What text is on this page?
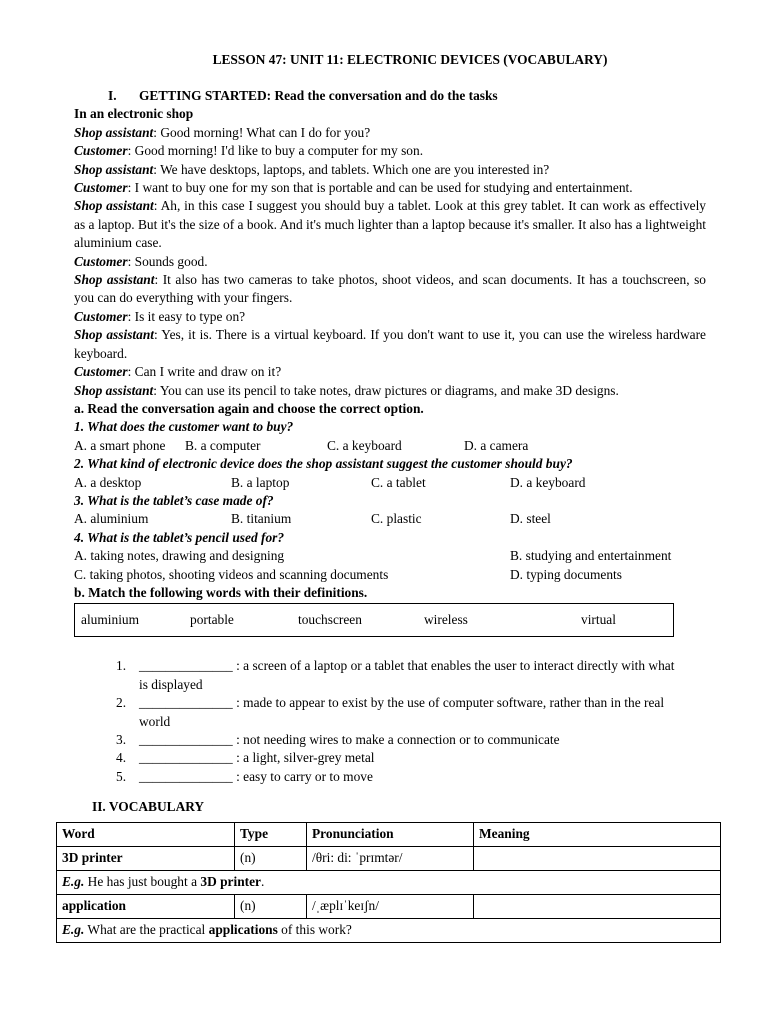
LESSON 47: UNIT 11: ELECTRONIC DEVICES (VOCABULARY)
I. GETTING STARTED: Read the conversation and do the tasks
In an electronic shop
Shop assistant: Good morning! What can I do for you?
Customer: Good morning! I'd like to buy a computer for my son.
Shop assistant: We have desktops, laptops, and tablets. Which one are you interested in?
Customer: I want to buy one for my son that is portable and can be used for studying and entertainment.
Shop assistant: Ah, in this case I suggest you should buy a tablet. Look at this grey tablet. It can work as effectively as a laptop. But it's the size of a book. And it's much lighter than a laptop because it's smaller. It also has a lightweight aluminium case.
Customer: Sounds good.
Shop assistant: It also has two cameras to take photos, shoot videos, and scan documents. It has a touchscreen, so you can do everything with your fingers.
Customer: Is it easy to type on?
Shop assistant: Yes, it is. There is a virtual keyboard. If you don't want to use it, you can use the wireless hardware keyboard.
Customer: Can I write and draw on it?
Shop assistant: You can use its pencil to take notes, draw pictures or diagrams, and make 3D designs.
a. Read the conversation again and choose the correct option.
1. What does the customer want to buy?
A. a smart phone B. a computer	C. a keyboard	D. a camera
2. What kind of electronic device does the shop assistant suggest the customer should buy?
A. a desktop	B. a laptop	C. a tablet	D. a keyboard
3. What is the tablet’s case made of?
A. aluminium	B. titanium	C. plastic	D. steel
4. What is the tablet’s pencil used for?
A. taking notes, drawing and designing	B. studying and entertainment
C. taking photos, shooting videos and scanning documents	D. typing documents
b. Match the following words with their definitions.
aluminium	portable	touchscreen	wireless	virtual
1. ______________ : a screen of a laptop or a tablet that enables the user to interact directly with what is displayed
2. ______________ : made to appear to exist by the use of computer software, rather than in the real world
3. ______________ : not needing wires to make a connection or to communicate
4. ______________ : a light, silver-grey metal
5. ______________ : easy to carry or to move
II. VOCABULARY
Word	Type	Pronunciation	Meaning
3D printer	(n)	/θri: di: ˈprɪmtər/	
E.g. He has just bought a 3D printer.			
application	(n)	/ˌæplɪˈkeɪʃn/	
E.g. What are the practical applications of this work?			
